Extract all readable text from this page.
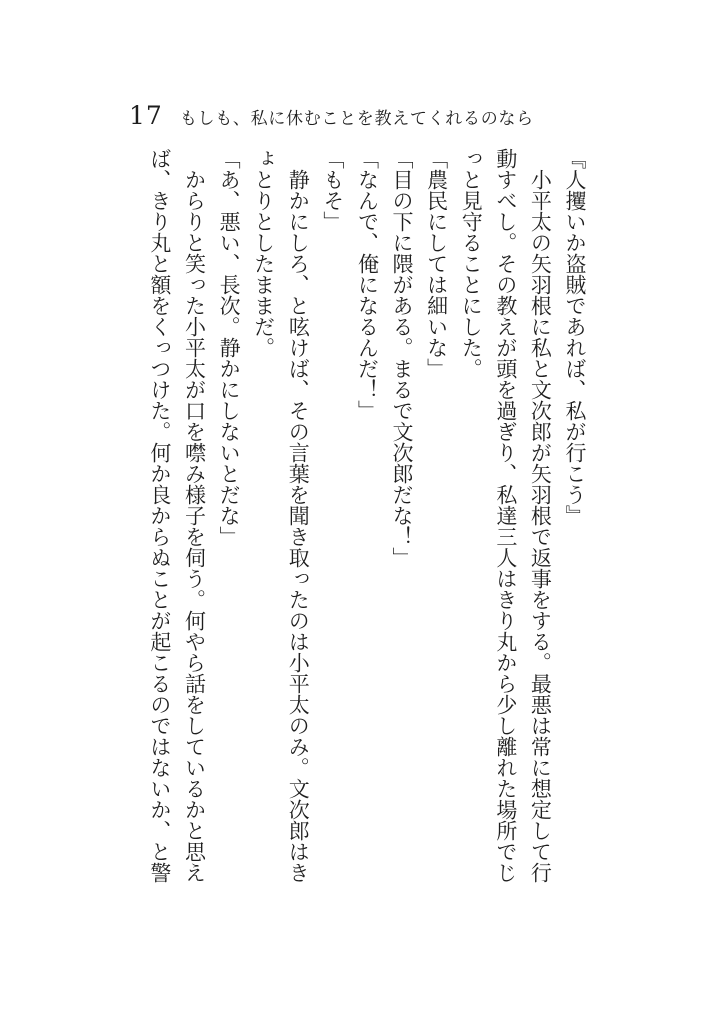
17 もしも、私に休むことを教えてくれるのなら

『人攫いか盗賊であれば、私が行こう』

　小平太の矢羽根に私と文次郎が矢羽根で返事をする。最悪は常に想定して行動すべし。その教えが頭を過ぎり、私達三人はきり丸から少し離れた場所でじっと見守ることにした。

「農民にしては細いな」

「目の下に隈がある。まるで文次郎だな！」

「なんで、俺になるんだ！」

「もそ」

　静かにしろ、と呟けば、その言葉を聞き取ったのは小平太のみ。文次郎はきょとりとしたままだ。

「あ、悪い、長次。静かにしないとだな」

　からりと笑った小平太が口を噤み様子を伺う。何やら話をしているかと思えば、きり丸と額をくっつけた。何か良からぬことが起こるのではないか、と警
